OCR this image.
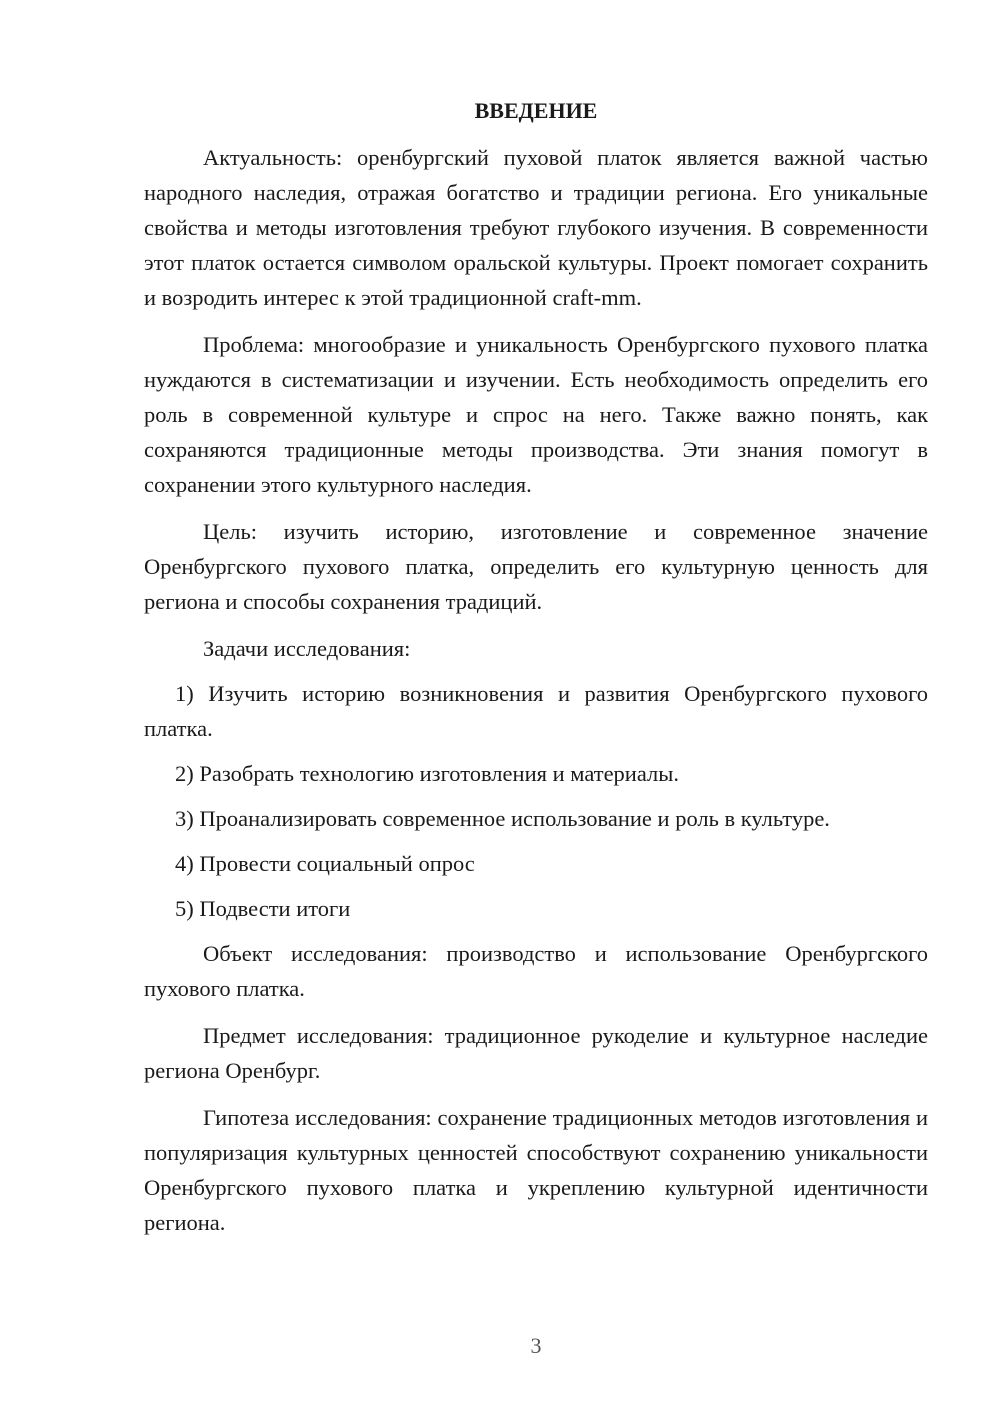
ВВЕДЕНИЕ

Актуальность: оренбургский пуховой платок является важной частью народного наследия, отражая богатство и традиции региона. Его уникальные свойства и методы изготовления требуют глубокого изучения. В современности этот платок остается символом оральской культуры. Проект помогает сохранить и возродить интерес к этой традиционной craft-mm.

Проблема: многообразие и уникальность Оренбургского пухового платка нуждаются в систематизации и изучении. Есть необходимость определить его роль в современной культуре и спрос на него. Также важно понять, как сохраняются традиционные методы производства. Эти знания помогут в сохранении этого культурного наследия.

Цель: изучить историю, изготовление и современное значение Оренбургского пухового платка, определить его культурную ценность для региона и способы сохранения традиций.

Задачи исследования:

1) Изучить историю возникновения и развития Оренбургского пухового платка.

2) Разобрать технологию изготовления и материалы.

3) Проанализировать современное использование и роль в культуре.

4) Провести социальный опрос

5) Подвести итоги

Объект исследования: производство и использование Оренбургского пухового платка.

Предмет исследования: традиционное рукоделие и культурное наследие региона Оренбург.

Гипотеза исследования: сохранение традиционных методов изготовления и популяризация культурных ценностей способствуют сохранению уникальности Оренбургского пухового платка и укреплению культурной идентичности региона.

3
